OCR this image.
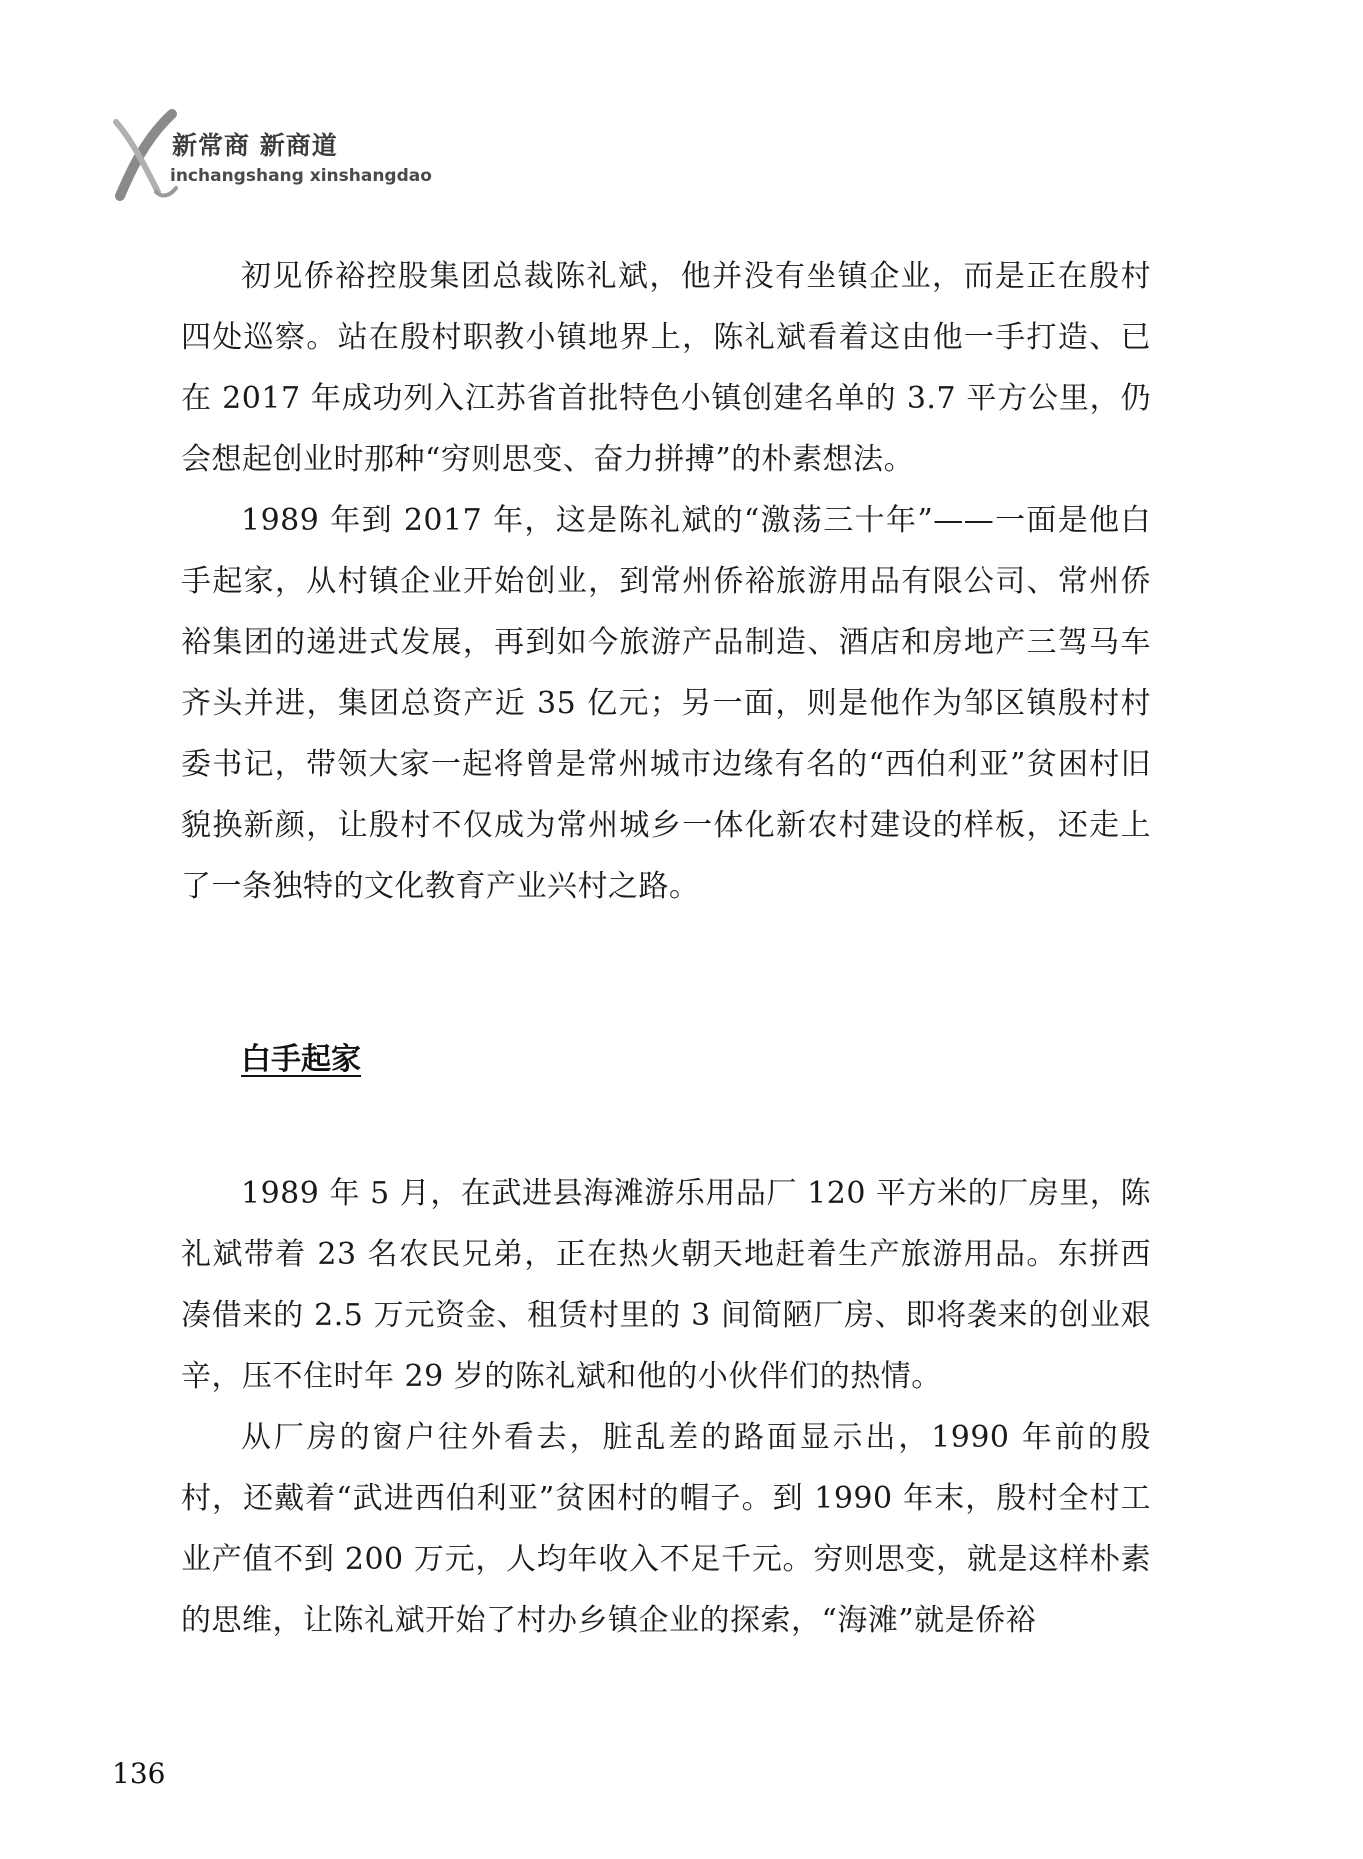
新常商 新商道
inchangshang xinshangdao

初见侨裕控股集团总裁陈礼斌，他并没有坐镇企业，而是正在殷村四处巡察。站在殷村职教小镇地界上，陈礼斌看着这由他一手打造、已在 2017 年成功列入江苏省首批特色小镇创建名单的 3.7 平方公里，仍会想起创业时那种“穷则思变、奋力拼搏”的朴素想法。

1989 年到 2017 年，这是陈礼斌的“激荡三十年”——一面是他白手起家，从村镇企业开始创业，到常州侨裕旅游用品有限公司、常州侨裕集团的递进式发展，再到如今旅游产品制造、酒店和房地产三驾马车齐头并进，集团总资产近 35 亿元；另一面，则是他作为邹区镇殷村村委书记，带领大家一起将曾是常州城市边缘有名的“西伯利亚”贫困村旧貌换新颜，让殷村不仅成为常州城乡一体化新农村建设的样板，还走上了一条独特的文化教育产业兴村之路。

白手起家

1989 年 5 月，在武进县海滩游乐用品厂 120 平方米的厂房里，陈礼斌带着 23 名农民兄弟，正在热火朝天地赶着生产旅游用品。东拼西凑借来的 2.5 万元资金、租赁村里的 3 间简陋厂房、即将袭来的创业艰辛，压不住时年 29 岁的陈礼斌和他的小伙伴们的热情。

从厂房的窗户往外看去，脏乱差的路面显示出，1990 年前的殷村，还戴着“武进西伯利亚”贫困村的帽子。到 1990 年末，殷村全村工业产值不到 200 万元，人均年收入不足千元。穷则思变，就是这样朴素的思维，让陈礼斌开始了村办乡镇企业的探索，“海滩”就是侨裕

136
